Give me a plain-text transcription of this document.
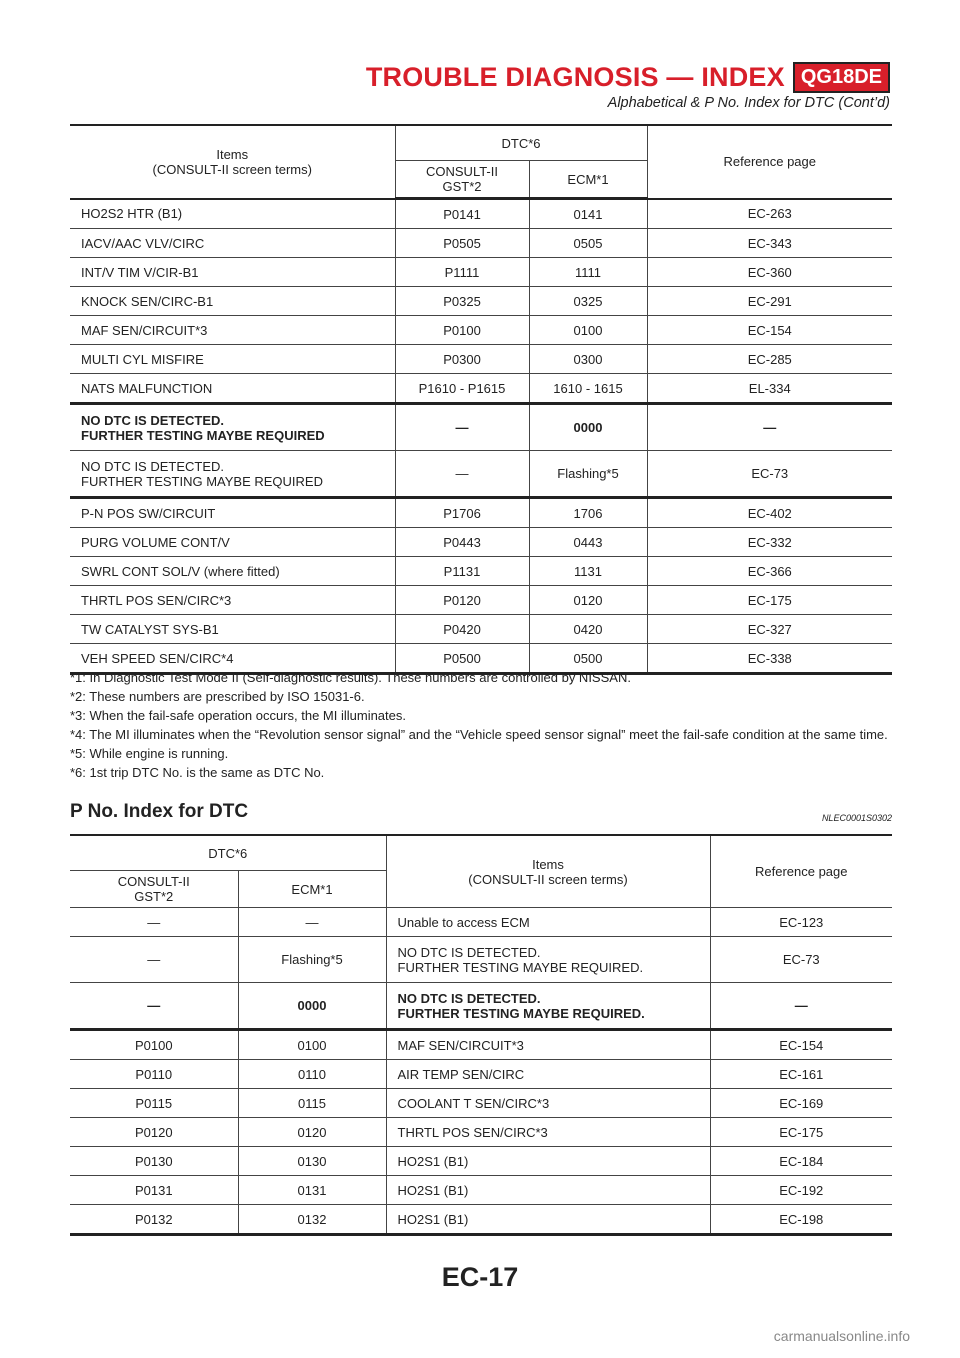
TROUBLE DIAGNOSIS — INDEX QG18DE
Alphabetical & P No. Index for DTC (Cont’d)
Items
(CONSULT-II screen terms)	DTC*6		Reference page

	CONSULT-II
GST*2	ECM*1	
HO2S2 HTR (B1)	P0141	0141	EC-263
IACV/AAC VLV/CIRC	P0505	0505	EC-343
INT/V TIM V/CIR-B1	P1111	1111	EC-360
KNOCK SEN/CIRC-B1	P0325	0325	EC-291
MAF SEN/CIRCUIT*3	P0100	0100	EC-154
MULTI CYL MISFIRE	P0300	0300	EC-285
NATS MALFUNCTION	P1610 - P1615	1610 - 1615	EL-334

NO DTC IS DETECTED.
FURTHER TESTING MAYBE REQUIRED	—	0000	—

NO DTC IS DETECTED.
FURTHER TESTING MAYBE REQUIRED	—	Flashing*5	EC-73
P-N POS SW/CIRCUIT	P1706	1706	EC-402
PURG VOLUME CONT/V	P0443	0443	EC-332
SWRL CONT SOL/V (where fitted)	P1131	1131	EC-366
THRTL POS SEN/CIRC*3	P0120	0120	EC-175
TW CATALYST SYS-B1	P0420	0420	EC-327
VEH SPEED SEN/CIRC*4	P0500	0500	EC-338

*1: In Diagnostic Test Mode II (Self-diagnostic results). These numbers are controlled by NISSAN.

*2: These numbers are prescribed by ISO 15031-6.

*3: When the fail-safe operation occurs, the MI illuminates.

*4: The MI illuminates when the “Revolution sensor signal” and the “Vehicle speed sensor signal” meet the fail-safe condition at the same time.

*5: While engine is running.

*6: 1st trip DTC No. is the same as DTC No.

P No. Index for DTC	NLEC0001S0302
DTC*6		Items
(CONSULT-II screen terms)	Reference page

CONSULT-II
GST*2	ECM*1		
—	—	Unable to access ECM	EC-123
—	Flashing*5	NO DTC IS DETECTED.
FURTHER TESTING MAYBE REQUIRED.	EC-73
—	0000	NO DTC IS DETECTED.
FURTHER TESTING MAYBE REQUIRED.	—
P0100	0100	MAF SEN/CIRCUIT*3	EC-154
P0110	0110	AIR TEMP SEN/CIRC	EC-161
P0115	0115	COOLANT T SEN/CIRC*3	EC-169
P0120	0120	THRTL POS SEN/CIRC*3	EC-175
P0130	0130	HO2S1 (B1)	EC-184
P0131	0131	HO2S1 (B1)	EC-192
P0132	0132	HO2S1 (B1)	EC-198
EC-17
carmanualsonline.info
